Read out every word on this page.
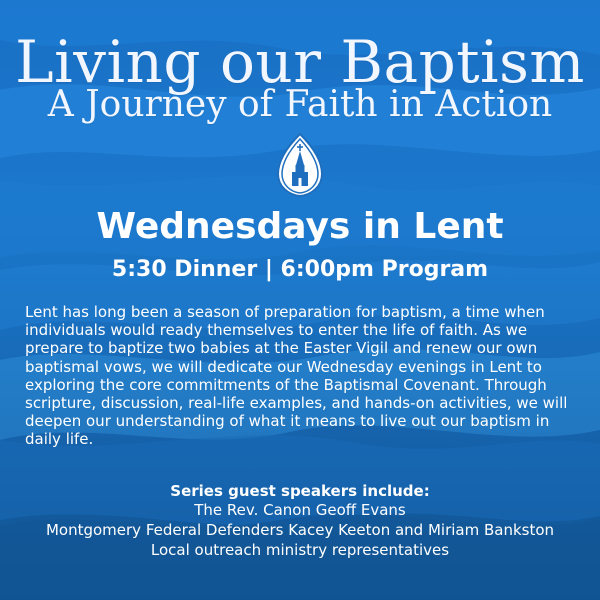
Living our Baptism
A Journey of Faith in Action
Wednesdays in Lent
5:30 Dinner | 6:00pm Program
Lent has long been a season of preparation for baptism, a time when individuals would ready themselves to enter the life of faith. As we prepare to baptize two babies at the Easter Vigil and renew our own baptismal vows, we will dedicate our Wednesday evenings in Lent to exploring the core commitments of the Baptismal Covenant. Through scripture, discussion, real-life examples, and hands-on activities, we will deepen our understanding of what it means to live out our baptism in daily life.
Series guest speakers include:
The Rev. Canon Geoff Evans
Montgomery Federal Defenders Kacey Keeton and Miriam Bankston
Local outreach ministry representatives
